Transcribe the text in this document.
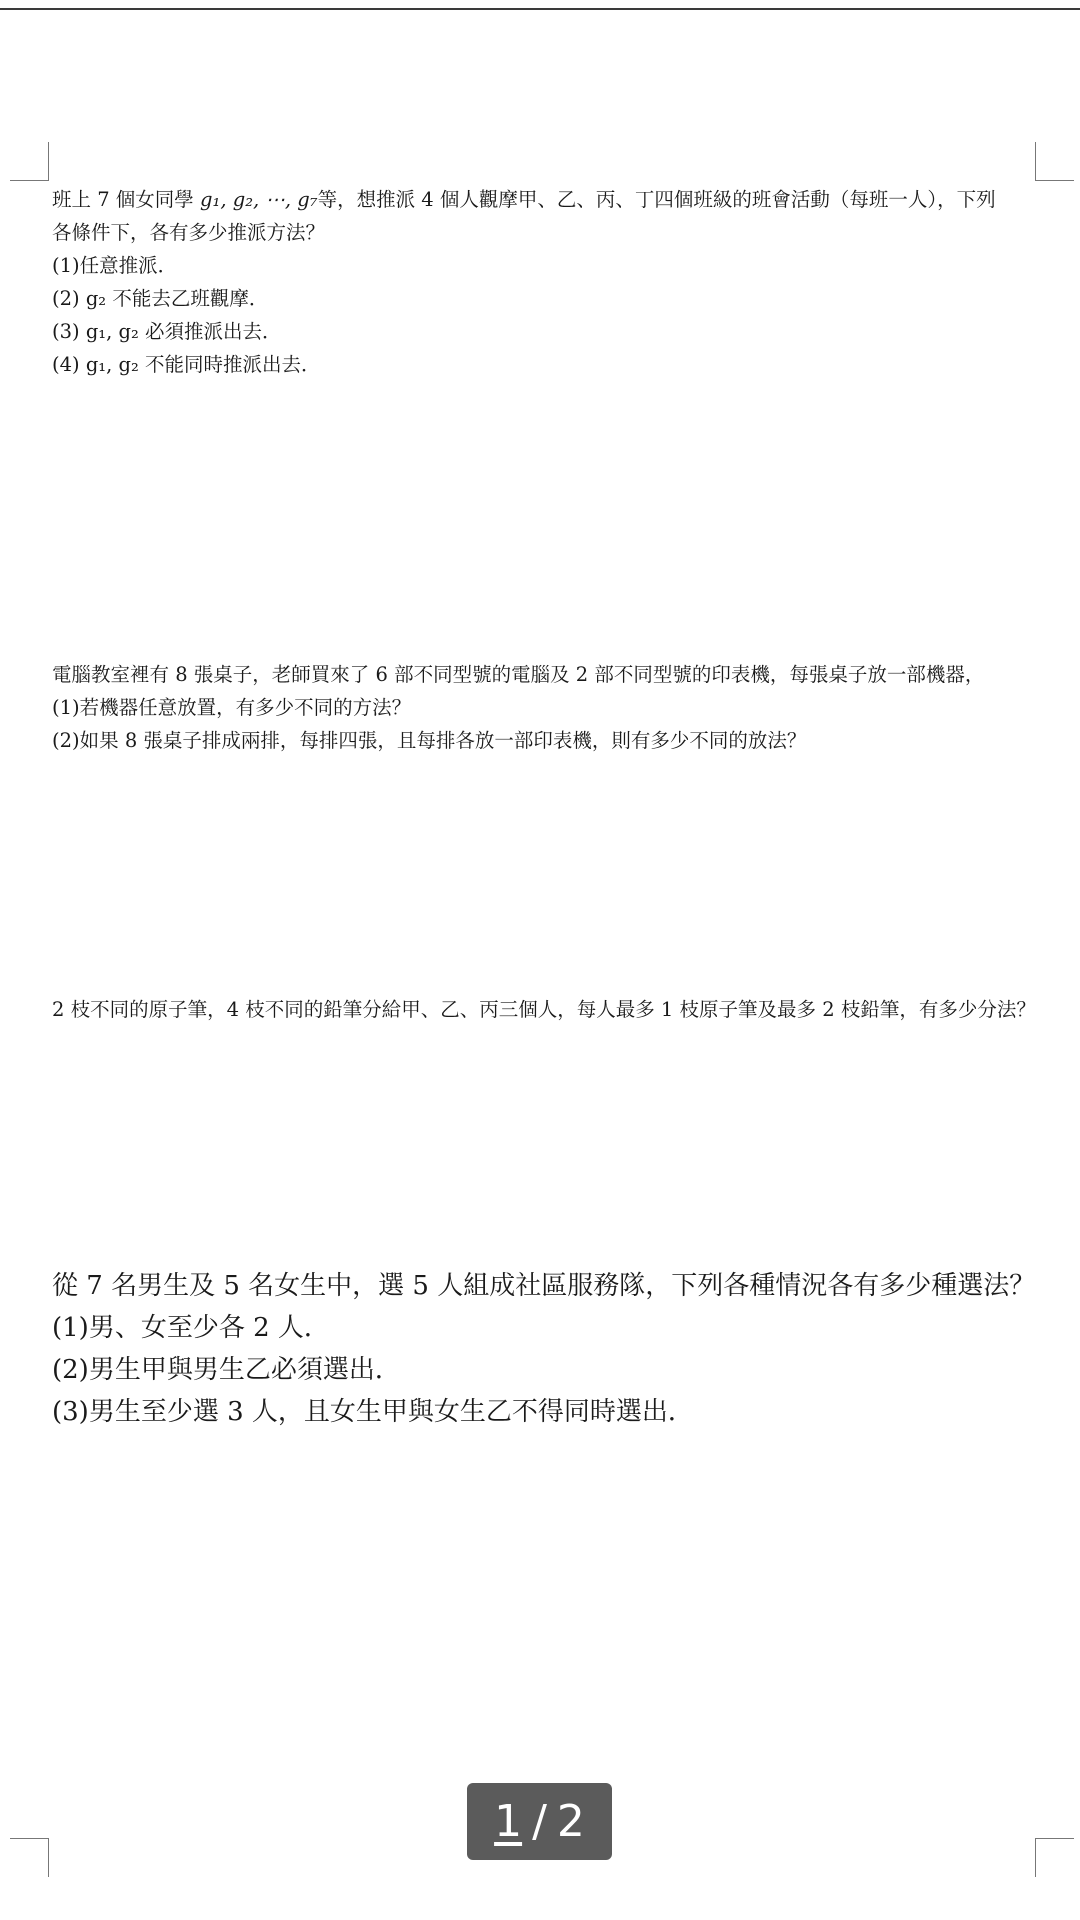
班上 7 個女同學 g₁, g₂, ⋯, g₇等，想推派 4 個人觀摩甲、乙、丙、丁四個班級的班會活動（每班一人），下列
各條件下，各有多少推派方法？
(1)任意推派．
(2) g₂ 不能去乙班觀摩．
(3) g₁, g₂ 必須推派出去．
(4) g₁, g₂ 不能同時推派出去．
電腦教室裡有 8 張桌子，老師買來了 6 部不同型號的電腦及 2 部不同型號的印表機，每張桌子放一部機器，
(1)若機器任意放置，有多少不同的方法？
(2)如果 8 張桌子排成兩排，每排四張，且每排各放一部印表機，則有多少不同的放法？
2 枝不同的原子筆，4 枝不同的鉛筆分給甲、乙、丙三個人，每人最多 1 枝原子筆及最多 2 枝鉛筆，有多少分法？
從 7 名男生及 5 名女生中，選 5 人組成社區服務隊，下列各種情況各有多少種選法？
(1)男、女至少各 2 人．
(2)男生甲與男生乙必須選出．
(3)男生至少選 3 人，且女生甲與女生乙不得同時選出．
1 / 2
